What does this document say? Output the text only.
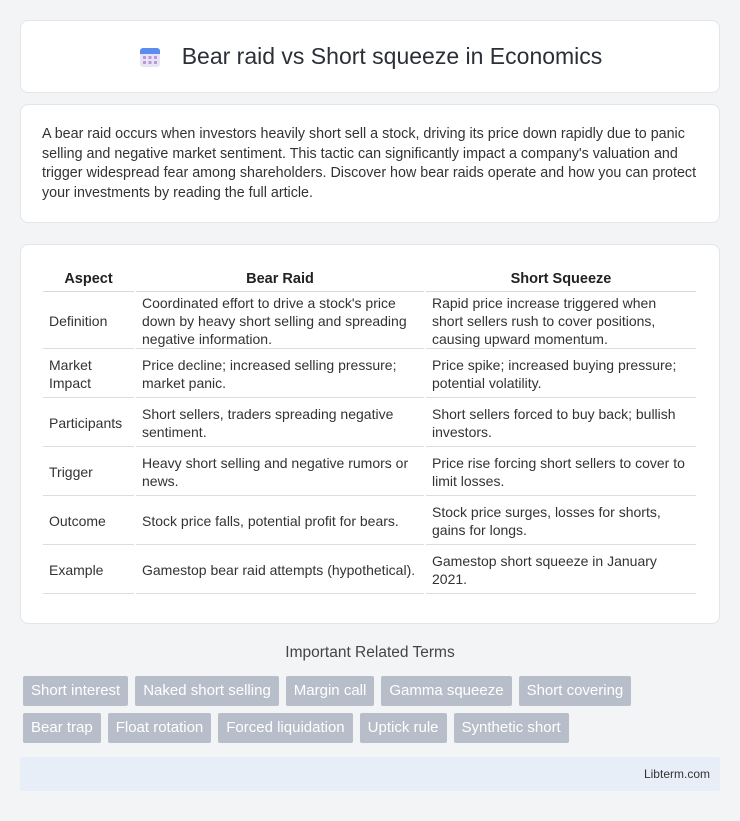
Bear raid vs Short squeeze in Economics

A bear raid occurs when investors heavily short sell a stock, driving its price down rapidly due to panic selling and negative market sentiment. This tactic can significantly impact a company's valuation and trigger widespread fear among shareholders. Discover how bear raids operate and how you can protect your investments by reading the full article.

Aspect	Bear Raid	Short Squeeze
Definition	Coordinated effort to drive a stock's price down by heavy short selling and spreading negative information.	Rapid price increase triggered when short sellers rush to cover positions, causing upward momentum.
Market Impact	Price decline; increased selling pressure; market panic.	Price spike; increased buying pressure; potential volatility.
Participants	Short sellers, traders spreading negative sentiment.	Short sellers forced to buy back; bullish investors.
Trigger	Heavy short selling and negative rumors or news.	Price rise forcing short sellers to cover to limit losses.
Outcome	Stock price falls, potential profit for bears.	Stock price surges, losses for shorts, gains for longs.
Example	Gamestop bear raid attempts (hypothetical).	Gamestop short squeeze in January 2021.
Important Related Terms
Short interest	Naked short selling	Margin call	Gamma squeeze	Short covering
Bear trap	Float rotation	Forced liquidation	Uptick rule	Synthetic short
Libterm.com
